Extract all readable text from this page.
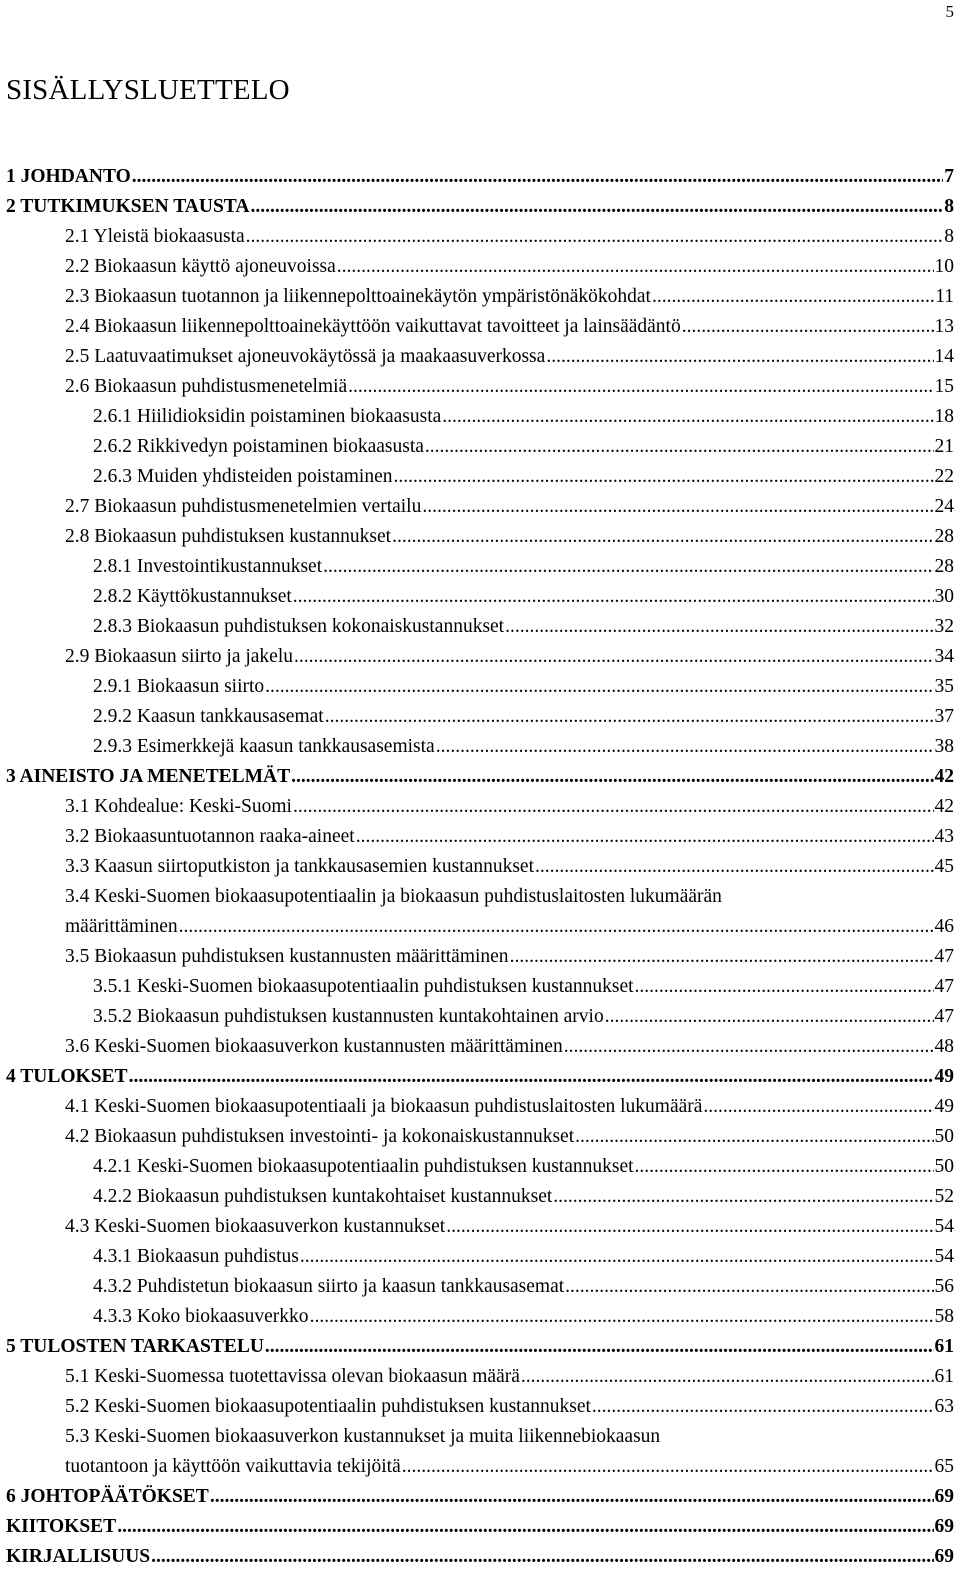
5
SISÄLLYSLUETTELO
1 JOHDANTO .....	7
2 TUTKIMUKSEN TAUSTA .....	8
2.1 Yleistä biokaasusta .....	8
2.2 Biokaasun käyttö ajoneuvoissa .....	10
2.3 Biokaasun tuotannon ja liikennepolttoainekäytön ympäristönäkökohdat .....	11
2.4 Biokaasun liikennepolttoainekäyttöön vaikuttavat tavoitteet ja lainsäädäntö .....	13
2.5 Laatuvaatimukset ajoneuvokäytössä ja maakaasuverkossa .....	14
2.6 Biokaasun puhdistusmenetelmiä .....	15
2.6.1 Hiilidioksidin poistaminen biokaasusta .....	18
2.6.2 Rikkivedyn poistaminen biokaasusta .....	21
2.6.3 Muiden yhdisteiden poistaminen .....	22
2.7 Biokaasun puhdistusmenetelmien vertailu .....	24
2.8 Biokaasun puhdistuksen kustannukset .....	28
2.8.1 Investointikustannukset .....	28
2.8.2 Käyttökustannukset .....	30
2.8.3 Biokaasun puhdistuksen kokonaiskustannukset .....	32
2.9 Biokaasun siirto ja jakelu .....	34
2.9.1 Biokaasun siirto .....	35
2.9.2 Kaasun tankkausasemat .....	37
2.9.3 Esimerkkejä kaasun tankkausasemista .....	38
3 AINEISTO JA MENETELMÄT .....	42
3.1 Kohdealue: Keski-Suomi .....	42
3.2 Biokaasuntuotannon raaka-aineet .....	43
3.3 Kaasun siirtoputkiston ja tankkausasemien kustannukset .....	45
3.4 Keski-Suomen biokaasupotentiaalin ja biokaasun puhdistuslaitosten lukumäärän
määrittäminen .....	46
3.5 Biokaasun puhdistuksen kustannusten määrittäminen .....	47
3.5.1 Keski-Suomen biokaasupotentiaalin puhdistuksen kustannukset .....	47
3.5.2 Biokaasun puhdistuksen kustannusten kuntakohtainen arvio .....	47
3.6 Keski-Suomen biokaasuverkon kustannusten määrittäminen .....	48
4 TULOKSET .....	49
4.1 Keski-Suomen biokaasupotentiaali ja biokaasun puhdistuslaitosten lukumäärä .....	49
4.2 Biokaasun puhdistuksen investointi- ja kokonaiskustannukset .....	50
4.2.1 Keski-Suomen biokaasupotentiaalin puhdistuksen kustannukset .....	50
4.2.2 Biokaasun puhdistuksen kuntakohtaiset kustannukset .....	52
4.3 Keski-Suomen biokaasuverkon kustannukset .....	54
4.3.1 Biokaasun puhdistus .....	54
4.3.2 Puhdistetun biokaasun siirto ja kaasun tankkausasemat .....	56
4.3.3 Koko biokaasuverkko .....	58
5 TULOSTEN TARKASTELU .....	61
5.1 Keski-Suomessa tuotettavissa olevan biokaasun määrä .....	61
5.2 Keski-Suomen biokaasupotentiaalin puhdistuksen kustannukset .....	63
5.3 Keski-Suomen biokaasuverkon kustannukset ja muita liikennebiokaasun
tuotantoon ja käyttöön vaikuttavia tekijöitä .....	65
6 JOHTOPÄÄTÖKSET .....	69
KIITOKSET .....	69
KIRJALLISUUS .....	69
